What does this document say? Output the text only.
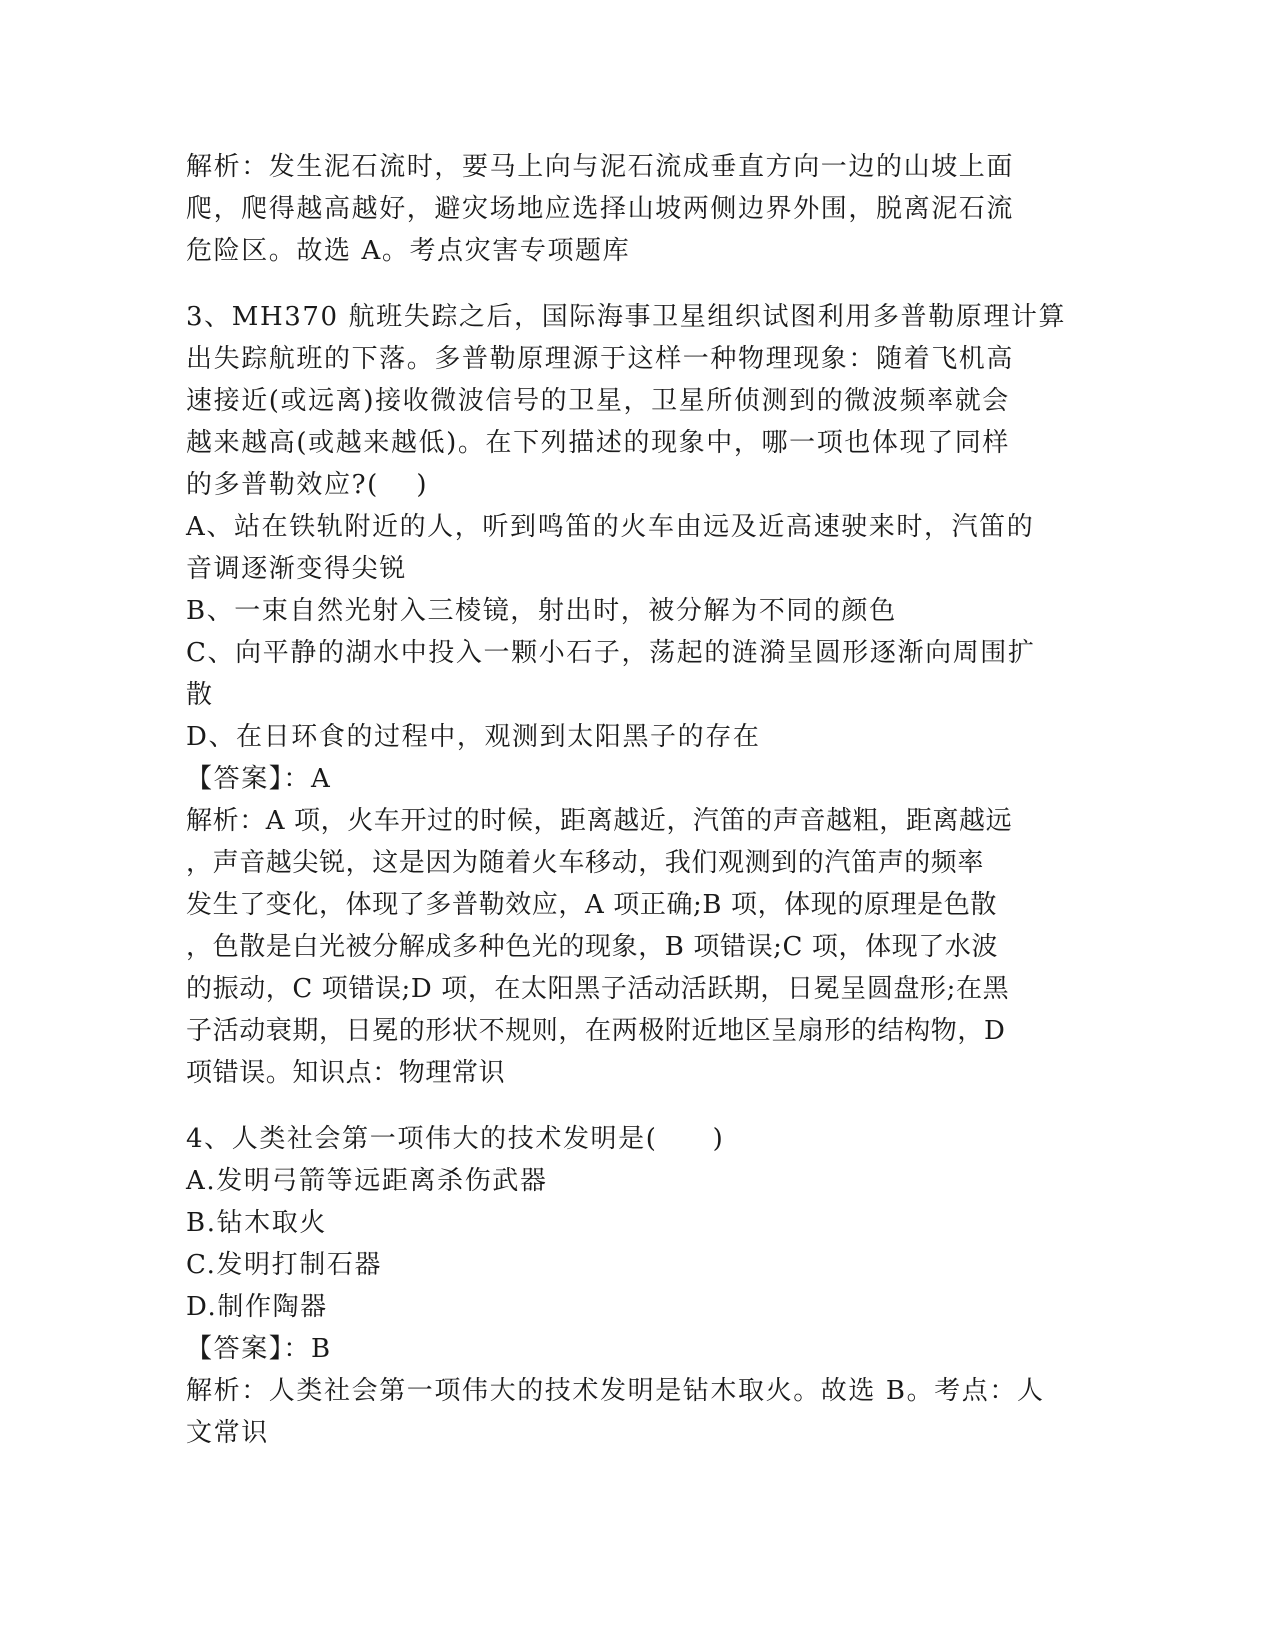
解析：发生泥石流时，要马上向与泥石流成垂直方向一边的山坡上面
爬，爬得越高越好，避灾场地应选择山坡两侧边界外围，脱离泥石流
危险区。故选 A。考点灾害专项题库
3、MH370 航班失踪之后，国际海事卫星组织试图利用多普勒原理计算
出失踪航班的下落。多普勒原理源于这样一种物理现象：随着飞机高
速接近(或远离)接收微波信号的卫星，卫星所侦测到的微波频率就会
越来越高(或越来越低)。在下列描述的现象中，哪一项也体现了同样
的多普勒效应?(　 )
A、站在铁轨附近的人，听到鸣笛的火车由远及近高速驶来时，汽笛的
音调逐渐变得尖锐
B、一束自然光射入三棱镜，射出时，被分解为不同的颜色
C、向平静的湖水中投入一颗小石子，荡起的涟漪呈圆形逐渐向周围扩
散
D、在日环食的过程中，观测到太阳黑子的存在
【答案】：A
解析：A 项，火车开过的时候，距离越近，汽笛的声音越粗，距离越远
，声音越尖锐，这是因为随着火车移动，我们观测到的汽笛声的频率
发生了变化，体现了多普勒效应，A 项正确;B 项，体现的原理是色散
，色散是白光被分解成多种色光的现象，B 项错误;C 项，体现了水波
的振动，C 项错误;D 项，在太阳黑子活动活跃期，日冕呈圆盘形;在黑
子活动衰期，日冕的形状不规则，在两极附近地区呈扇形的结构物，D
项错误。知识点：物理常识
4、人类社会第一项伟大的技术发明是(　　)
A.发明弓箭等远距离杀伤武器
B.钻木取火
C.发明打制石器
D.制作陶器
【答案】：B
解析：人类社会第一项伟大的技术发明是钻木取火。故选 B。考点：人
文常识
